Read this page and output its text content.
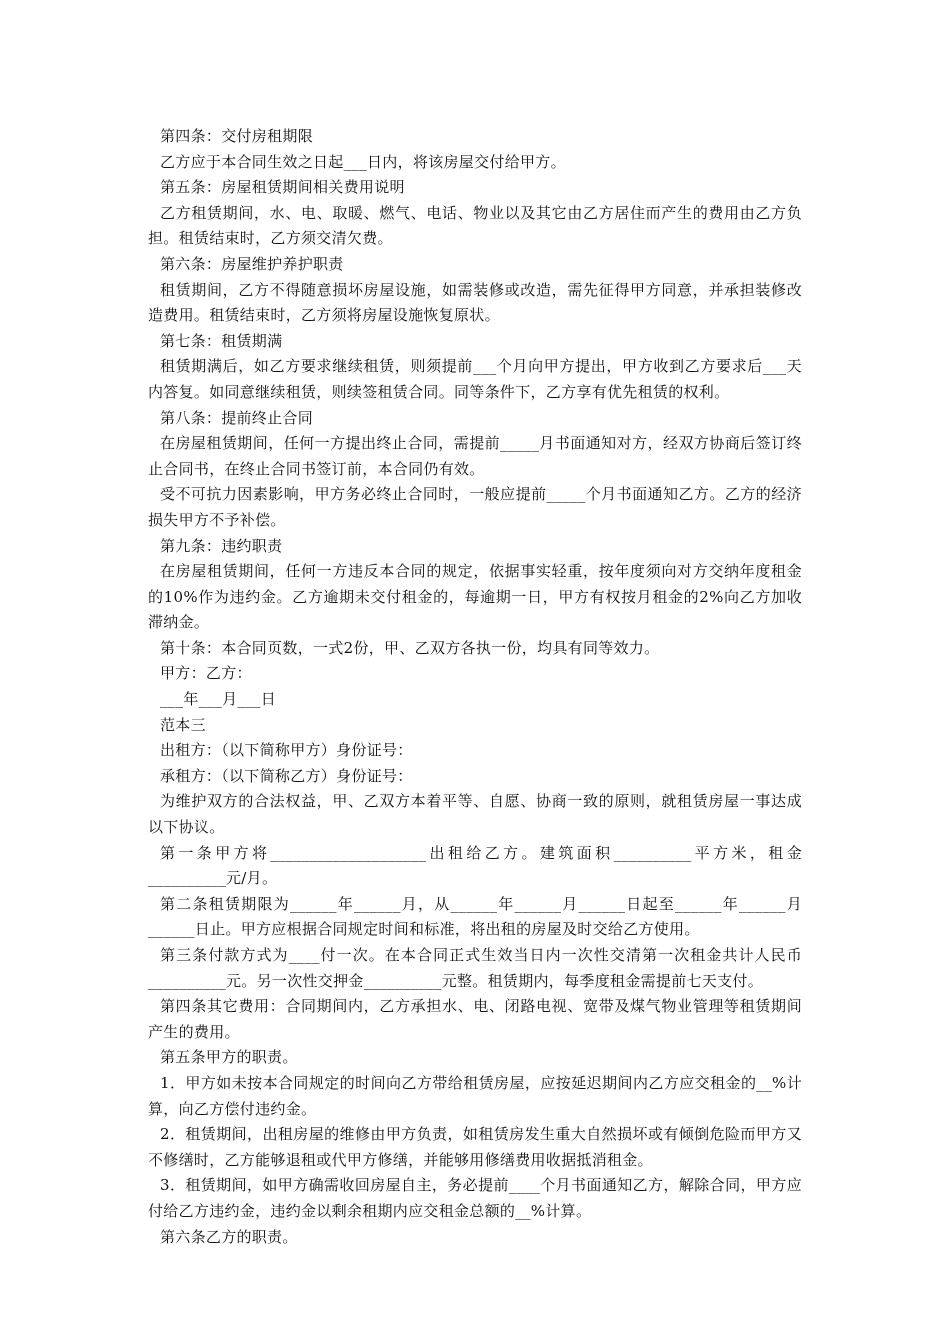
第四条：交付房租期限

乙方应于本合同生效之日起___日内，将该房屋交付给甲方。

第五条：房屋租赁期间相关费用说明

乙方租赁期间，水、电、取暖、燃气、电话、物业以及其它由乙方居住而产生的费用由乙方负担。租赁结束时，乙方须交清欠费。

第六条：房屋维护养护职责

租赁期间，乙方不得随意损坏房屋设施，如需装修或改造，需先征得甲方同意，并承担装修改造费用。租赁结束时，乙方须将房屋设施恢复原状。

第七条：租赁期满

租赁期满后，如乙方要求继续租赁，则须提前___个月向甲方提出，甲方收到乙方要求后___天内答复。如同意继续租赁，则续签租赁合同。同等条件下，乙方享有优先租赁的权利。

第八条：提前终止合同

在房屋租赁期间，任何一方提出终止合同，需提前_____月书面通知对方，经双方协商后签订终止合同书，在终止合同书签订前，本合同仍有效。

受不可抗力因素影响，甲方务必终止合同时，一般应提前_____个月书面通知乙方。乙方的经济损失甲方不予补偿。

第九条：违约职责

在房屋租赁期间，任何一方违反本合同的规定，依据事实轻重，按年度须向对方交纳年度租金的10%作为违约金。乙方逾期未交付租金的，每逾期一日，甲方有权按月租金的2%向乙方加收滞纳金。

第十条：本合同页数，一式2份，甲、乙双方各执一份，均具有同等效力。

甲方：乙方：

___年___月___日

范本三

出租方：（以下简称甲方）身份证号：

承租方：（以下简称乙方）身份证号：

为维护双方的合法权益，甲、乙双方本着平等、自愿、协商一致的原则，就租赁房屋一事达成以下协议。

第一条甲方将____________________出租给乙方。建筑面积__________平方米，租金__________元/月。

第二条租赁期限为______年______月，从______年______月______日起至______年______月______日止。甲方应根据合同规定时间和标准，将出租的房屋及时交给乙方使用。

第三条付款方式为____付一次。在本合同正式生效当日内一次性交清第一次租金共计人民币__________元。另一次性交押金__________元整。租赁期内，每季度租金需提前七天支付。

第四条其它费用：合同期间内，乙方承担水、电、闭路电视、宽带及煤气物业管理等租赁期间产生的费用。

第五条甲方的职责。

1．甲方如未按本合同规定的时间向乙方带给租赁房屋，应按延迟期间内乙方应交租金的__%计算，向乙方偿付违约金。

2．租赁期间，出租房屋的维修由甲方负责，如租赁房发生重大自然损坏或有倾倒危险而甲方又不修缮时，乙方能够退租或代甲方修缮，并能够用修缮费用收据抵消租金。

3．租赁期间，如甲方确需收回房屋自主，务必提前____个月书面通知乙方，解除合同，甲方应付给乙方违约金，违约金以剩余租期内应交租金总额的__%计算。

第六条乙方的职责。
